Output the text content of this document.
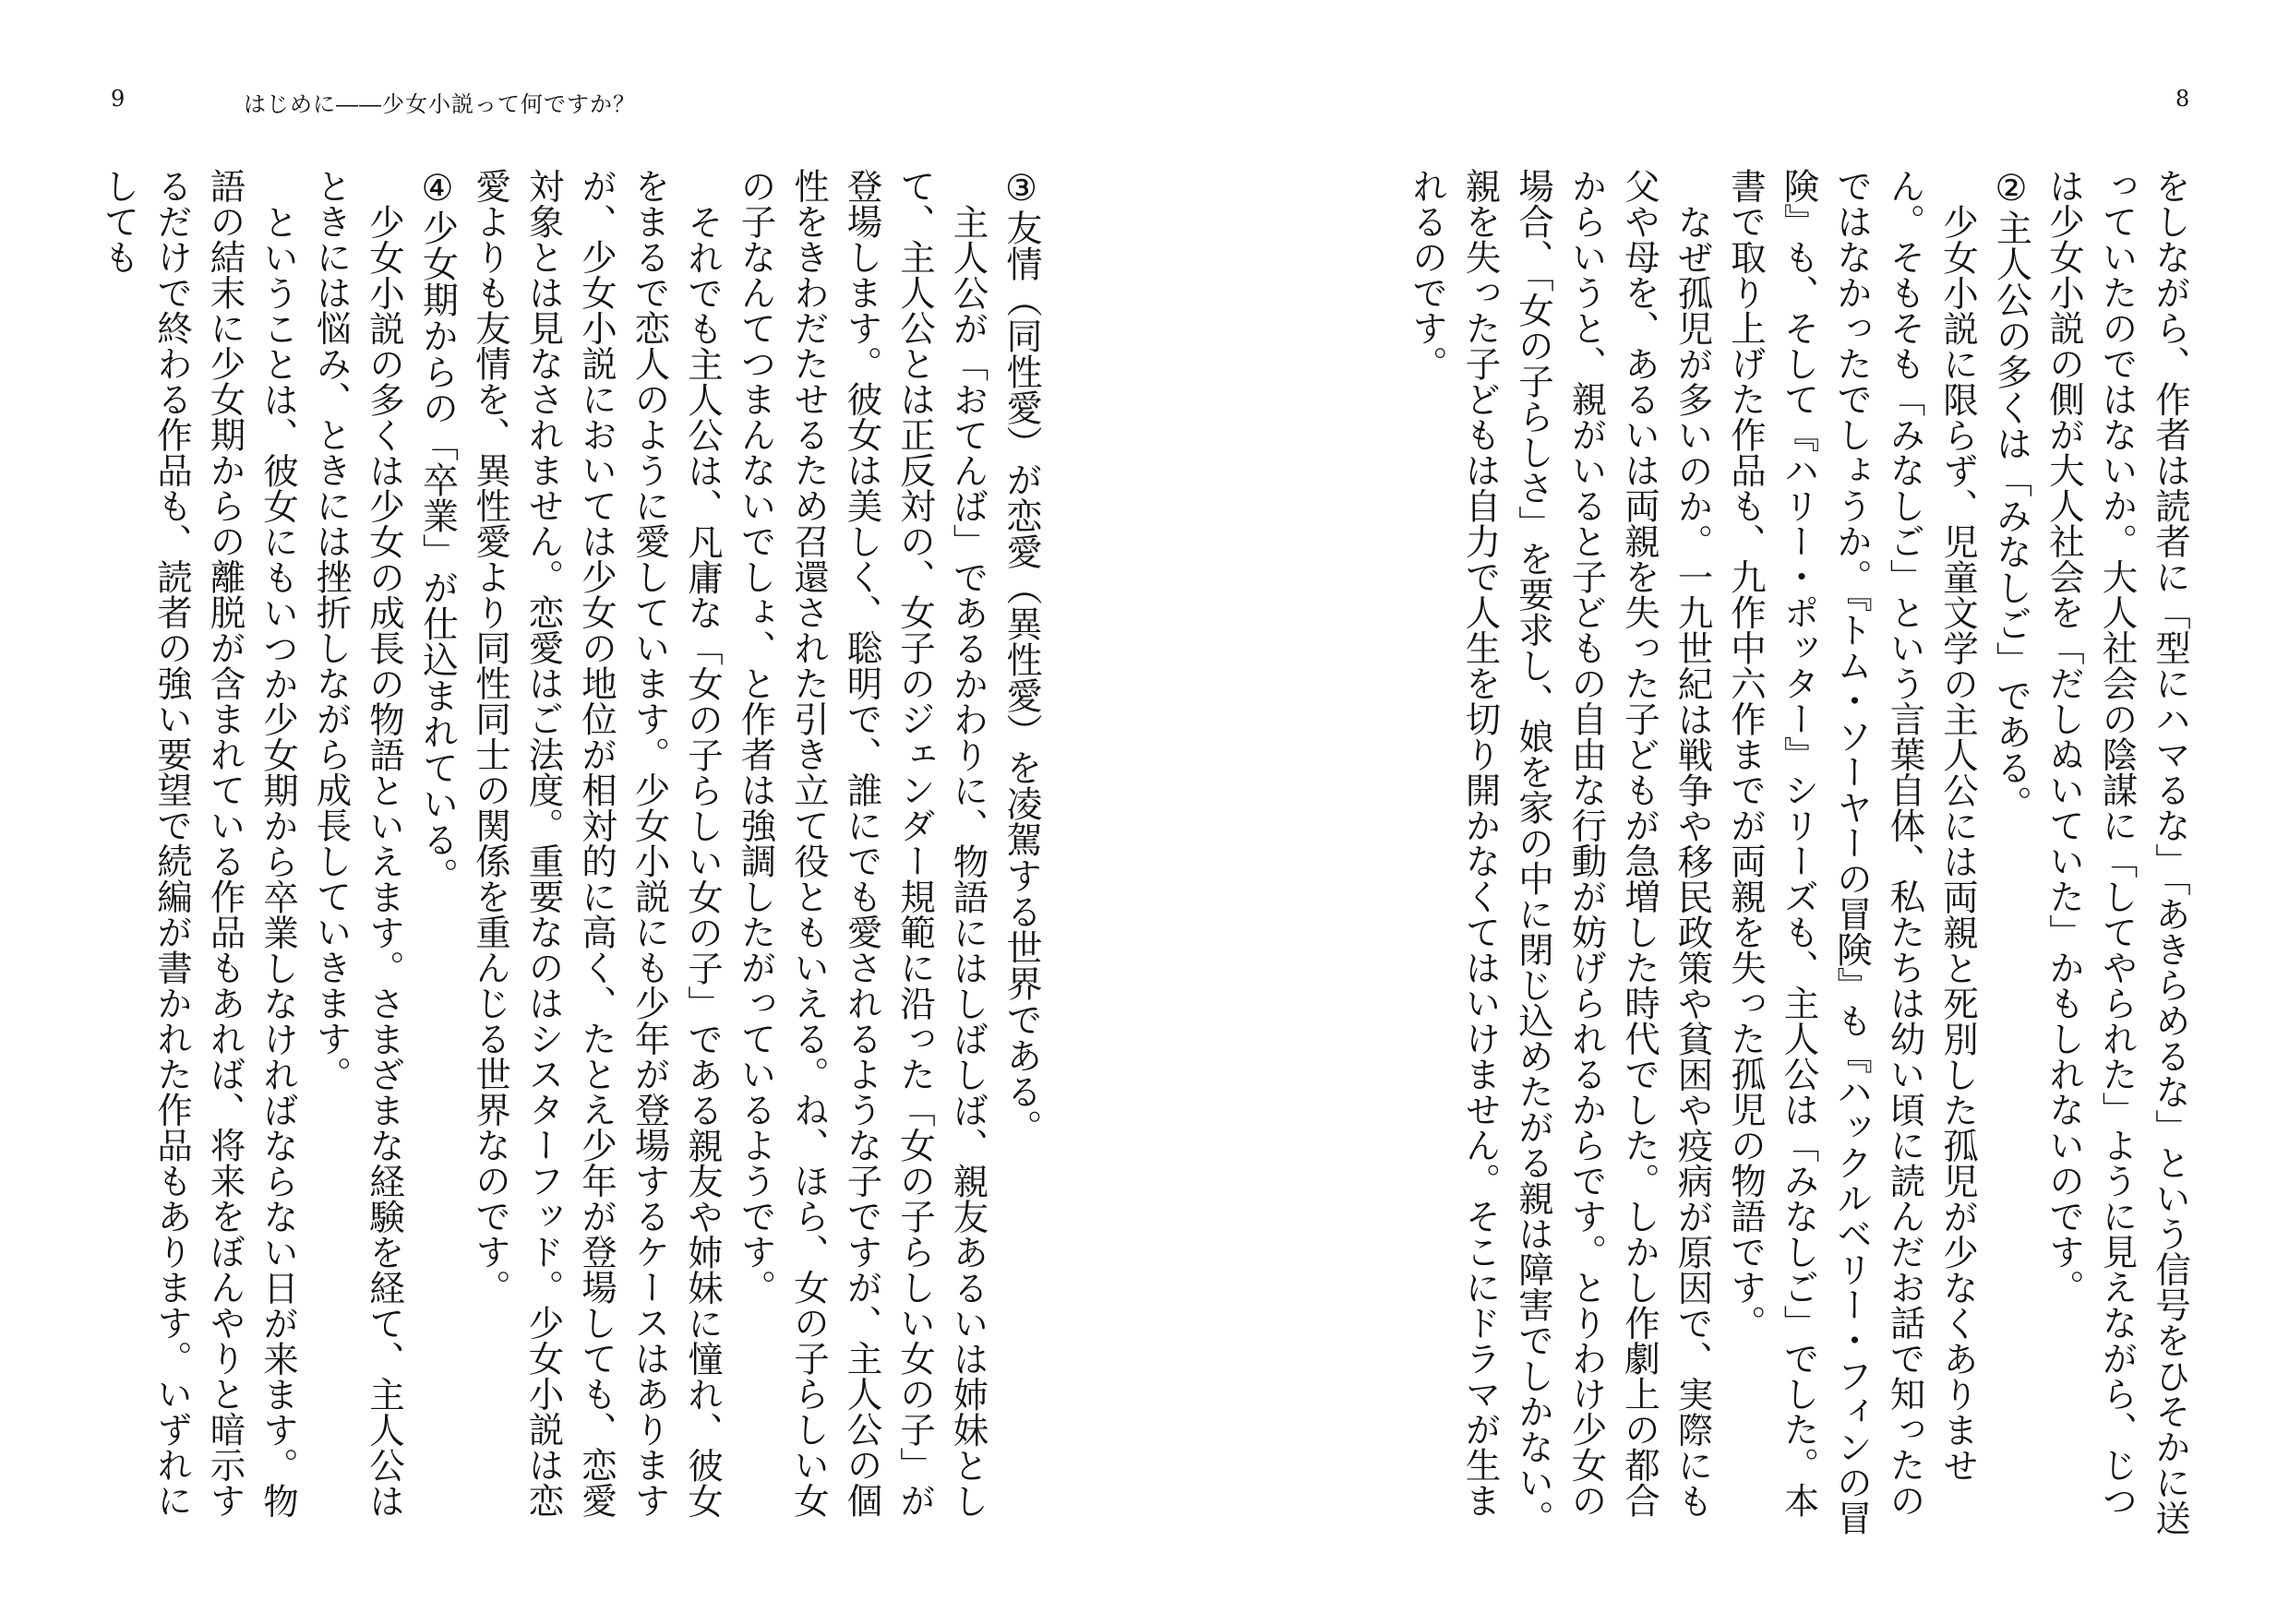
9	はじめに――少女小説って何ですか？	8

をしながら、作者は読者に「型にハマるな」「あきらめるな」という信号をひそかに送っていたのではないか。大人社会の陰謀に「してやられた」ように見えながら、じつは少女小説の側が大人社会を「だしぬいていた」かもしれないのです。

②主人公の多くは「みなしご」である。

少女小説に限らず、児童文学の主人公には両親と死別した孤児が少なくありません。そもそも「みなしご」という言葉自体、私たちは幼い頃に読んだお話で知ったのではなかったでしょうか。『トム・ソーヤーの冒険』も『ハックルベリー・フィンの冒険』も、そして『ハリー・ポッター』シリーズも、主人公は「みなしご」でした。本書で取り上げた作品も、九作中六作までが両親を失った孤児の物語です。

なぜ孤児が多いのか。一九世紀は戦争や移民政策や貧困や疫病が原因で、実際にも父や母を、あるいは両親を失った子どもが急増した時代でした。しかし作劇上の都合からいうと、親がいると子どもの自由な行動が妨げられるからです。とりわけ少女の場合、「女の子らしさ」を要求し、娘を家の中に閉じ込めたがる親は障害でしかない。親を失った子どもは自力で人生を切り開かなくてはいけません。そこにドラマが生まれるのです。

③友情（同性愛）が恋愛（異性愛）を凌駕する世界である。

主人公が「おてんば」であるかわりに、物語にはしばしば、親友あるいは姉妹として、主人公とは正反対の、女子のジェンダー規範に沿った「女の子らしい女の子」が登場します。彼女は美しく、聡明で、誰にでも愛されるような子ですが、主人公の個性をきわだたせるため召還された引き立て役ともいえる。ね、ほら、女の子らしい女の子なんてつまんないでしょ、と作者は強調したがっているようです。

それでも主人公は、凡庸な「女の子らしい女の子」である親友や姉妹に憧れ、彼女をまるで恋人のように愛しています。少女小説にも少年が登場するケースはありますが、少女小説においては少女の地位が相対的に高く、たとえ少年が登場しても、恋愛対象とは見なされません。恋愛はご法度。重要なのはシスターフッド。少女小説は恋愛よりも友情を、異性愛より同性同士の関係を重んじる世界なのです。

④少女期からの「卒業」が仕込まれている。

少女小説の多くは少女の成長の物語といえます。さまざまな経験を経て、主人公はときには悩み、ときには挫折しながら成長していきます。

ということは、彼女にもいつか少女期から卒業しなければならない日が来ます。物語の結末に少女期からの離脱が含まれている作品もあれば、将来をぼんやりと暗示するだけで終わる作品も、読者の強い要望で続編が書かれた作品もあります。いずれにしても
